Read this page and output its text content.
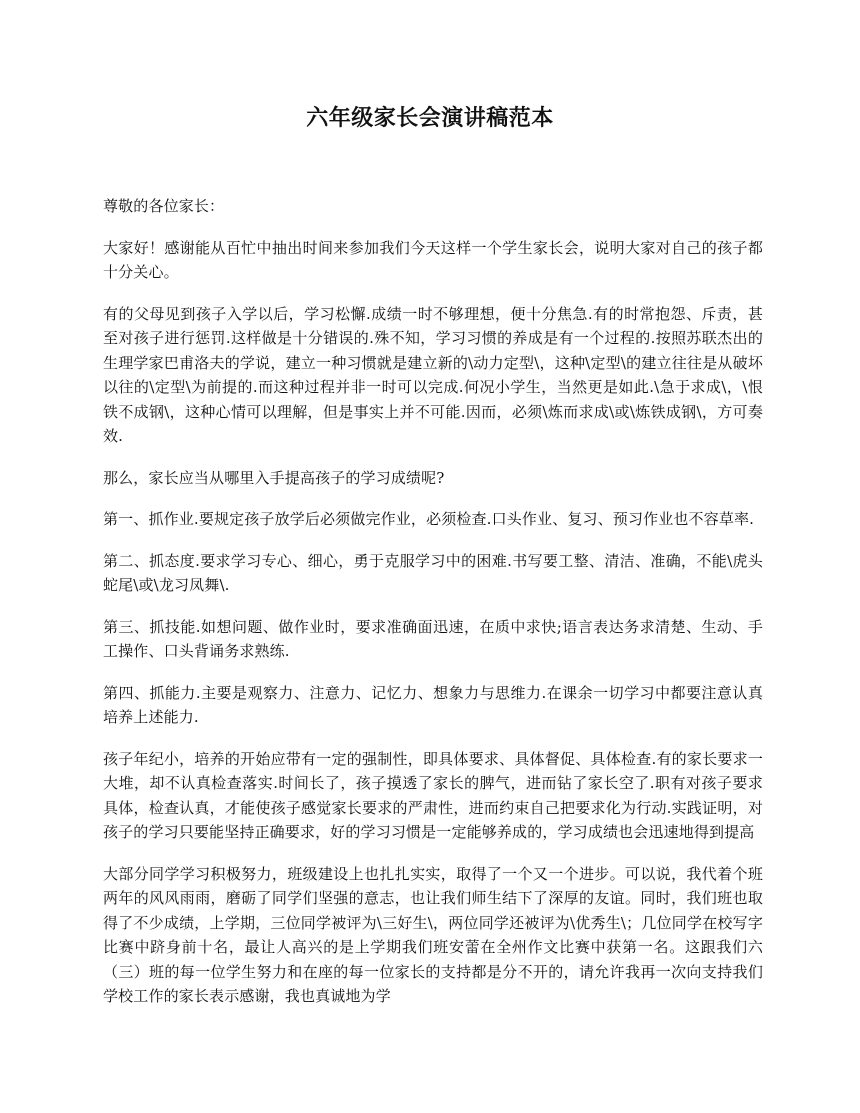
六年级家长会演讲稿范本

尊敬的各位家长：

大家好！感谢能从百忙中抽出时间来参加我们今天这样一个学生家长会，说明大家对自己的孩子都十分关心。

有的父母见到孩子入学以后，学习松懈.成绩一时不够理想，便十分焦急.有的时常抱怨、斥责，甚至对孩子进行惩罚.这样做是十分错误的.殊不知，学习习惯的养成是有一个过程的.按照苏联杰出的生理学家巴甫洛夫的学说，建立一种习惯就是建立新的\动力定型\，这种\定型\的建立往往是从破坏以往的\定型\为前提的.而这种过程并非一时可以完成.何况小学生，当然更是如此.\急于求成\，\恨铁不成钢\，这种心情可以理解，但是事实上并不可能.因而，必须\炼而求成\或\炼铁成钢\，方可奏效.

那么，家长应当从哪里入手提高孩子的学习成绩呢?

第一、抓作业.要规定孩子放学后必须做完作业，必须检查.口头作业、复习、预习作业也不容草率.

第二、抓态度.要求学习专心、细心，勇于克服学习中的困难.书写要工整、清洁、准确，不能\虎头蛇尾\或\龙习凤舞\.

第三、抓技能.如想问题、做作业时，要求准确面迅速，在质中求快;语言表达务求清楚、生动、手工操作、口头背诵务求熟练.

第四、抓能力.主要是观察力、注意力、记忆力、想象力与思维力.在课余一切学习中都要注意认真培养上述能力.

孩子年纪小，培养的开始应带有一定的强制性，即具体要求、具体督促、具体检查.有的家长要求一大堆，却不认真检查落实.时间长了，孩子摸透了家长的脾气，进而钻了家长空了.职有对孩子要求具体，检查认真，才能使孩子感觉家长要求的严肃性，进而约束自己把要求化为行动.实践证明，对孩子的学习只要能坚持正确要求，好的学习习惯是一定能够养成的，学习成绩也会迅速地得到提高

大部分同学学习积极努力，班级建设上也扎扎实实，取得了一个又一个进步。可以说，我代着个班两年的风风雨雨，磨砺了同学们坚强的意志，也让我们师生结下了深厚的友谊。同时，我们班也取得了不少成绩，上学期，三位同学被评为\三好生\，两位同学还被评为\优秀生\；几位同学在校写字比赛中跻身前十名，最让人高兴的是上学期我们班安蕾在全州作文比赛中获第一名。这跟我们六（三）班的每一位学生努力和在座的每一位家长的支持都是分不开的，请允许我再一次向支持我们学校工作的家长表示感谢，我也真诚地为学
